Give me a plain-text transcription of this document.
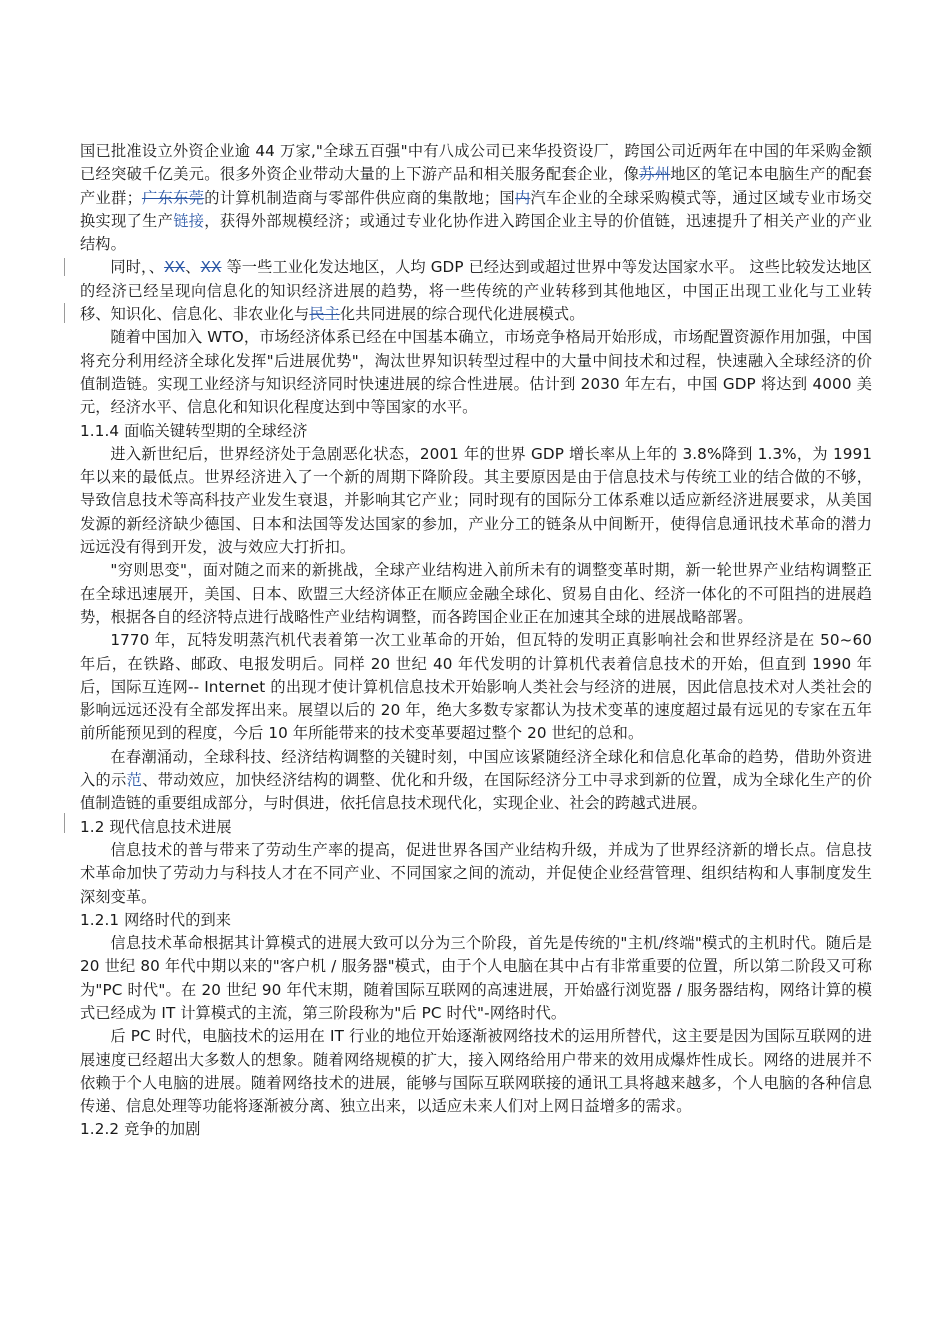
国已批准设立外资企业逾 44 万家,"全球五百强"中有八成公司已来华投资设厂，跨国公司近两年在中国的年采购金额已经突破千亿美元。很多外资企业带动大量的上下游产品和相关服务配套企业，像苏州地区的笔记本电脑生产的配套产业群；广东东莞的计算机制造商与零部件供应商的集散地；国内汽车企业的全球采购模式等，通过区域专业市场交换实现了生产链接，获得外部规模经济；或通过专业化协作进入跨国企业主导的价值链，迅速提升了相关产业的产业结构。

同时，、XX、XX 等一些工业化发达地区，人均 GDP 已经达到或超过世界中等发达国家水平。 这些比较发达地区的经济已经呈现向信息化的知识经济进展的趋势，将一些传统的产业转移到其他地区，中国正出现工业化与工业转移、知识化、信息化、非农业化与民主化共同进展的综合现代化进展模式。

随着中国加入 WTO，市场经济体系已经在中国基本确立，市场竞争格局开始形成，市场配置资源作用加强，中国将充分利用经济全球化发挥"后进展优势"，淘汰世界知识转型过程中的大量中间技术和过程，快速融入全球经济的价值制造链。实现工业经济与知识经济同时快速进展的综合性进展。估计到 2030 年左右，中国 GDP 将达到 4000 美元，经济水平、信息化和知识化程度达到中等国家的水平。

1.1.4 面临关键转型期的全球经济

进入新世纪后，世界经济处于急剧恶化状态，2001 年的世界 GDP 增长率从上年的 3.8%降到 1.3%，为 1991 年以来的最低点。世界经济进入了一个新的周期下降阶段。其主要原因是由于信息技术与传统工业的结合做的不够，导致信息技术等高科技产业发生衰退，并影响其它产业；同时现有的国际分工体系难以适应新经济进展要求，从美国发源的新经济缺少德国、日本和法国等发达国家的参加，产业分工的链条从中间断开，使得信息通讯技术革命的潜力远远没有得到开发，波与效应大打折扣。

"穷则思变"，面对随之而来的新挑战，全球产业结构进入前所未有的调整变革时期，新一轮世界产业结构调整正在全球迅速展开，美国、日本、欧盟三大经济体正在顺应金融全球化、贸易自由化、经济一体化的不可阻挡的进展趋势，根据各自的经济特点进行战略性产业结构调整，而各跨国企业正在加速其全球的进展战略部署。

1770 年，瓦特发明蒸汽机代表着第一次工业革命的开始，但瓦特的发明正真影响社会和世界经济是在 50~60 年后，在铁路、邮政、电报发明后。同样 20 世纪 40 年代发明的计算机代表着信息技术的开始，但直到 1990 年后，国际互连网-- Internet 的出现才使计算机信息技术开始影响人类社会与经济的进展，因此信息技术对人类社会的影响远远还没有全部发挥出来。展望以后的 20 年，绝大多数专家都认为技术变革的速度超过最有远见的专家在五年前所能预见到的程度，今后 10 年所能带来的技术变革要超过整个 20 世纪的总和。

在春潮涌动，全球科技、经济结构调整的关键时刻，中国应该紧随经济全球化和信息化革命的趋势，借助外资进入的示范、带动效应，加快经济结构的调整、优化和升级，在国际经济分工中寻求到新的位置，成为全球化生产的价值制造链的重要组成部分，与时俱进，依托信息技术现代化，实现企业、社会的跨越式进展。

1.2 现代信息技术进展

信息技术的普与带来了劳动生产率的提高，促进世界各国产业结构升级，并成为了世界经济新的增长点。信息技术革命加快了劳动力与科技人才在不同产业、不同国家之间的流动，并促使企业经营管理、组织结构和人事制度发生深刻变革。

1.2.1 网络时代的到来

信息技术革命根据其计算模式的进展大致可以分为三个阶段，首先是传统的"主机/终端"模式的主机时代。随后是 20 世纪 80 年代中期以来的"客户机 / 服务器"模式，由于个人电脑在其中占有非常重要的位置，所以第二阶段又可称为"PC 时代"。在 20 世纪 90 年代末期，随着国际互联网的高速进展，开始盛行浏览器 / 服务器结构，网络计算的模式已经成为 IT 计算模式的主流，第三阶段称为"后 PC 时代"-网络时代。

后 PC 时代，电脑技术的运用在 IT 行业的地位开始逐渐被网络技术的运用所替代，这主要是因为国际互联网的进展速度已经超出大多数人的想象。随着网络规模的扩大，接入网络给用户带来的效用成爆炸性成长。网络的进展并不依赖于个人电脑的进展。随着网络技术的进展，能够与国际互联网联接的通讯工具将越来越多，个人电脑的各种信息传递、信息处理等功能将逐渐被分离、独立出来，以适应未来人们对上网日益增多的需求。

1.2.2 竞争的加剧
